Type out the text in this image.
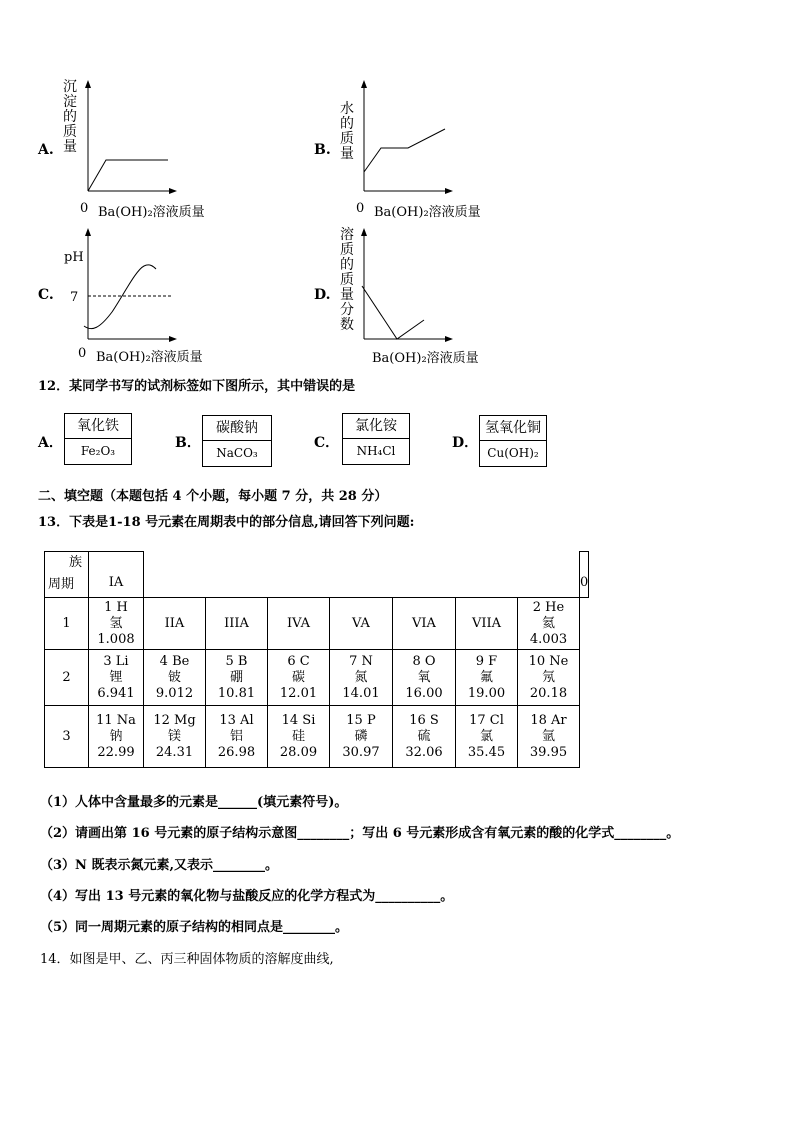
A.
沉
淀
的
质
量
0 Ba(OH)₂溶液质量
B.
水
的
质
量
0 Ba(OH)₂溶液质量
C.
pH
7
0 Ba(OH)₂溶液质量
D.
溶
质
的
质
量
分
数
Ba(OH)₂溶液质量
12．某同学书写的试剂标签如下图所示，其中错误的是
A．
氧化铁
Fe₂O₃	B．
碳酸钠
NaCO₃
C．
氯化铵
NH₄Cl	D．
氢氧化铜
Cu(OH)₂
二、填空题（本题包括 4 个小题，每小题 7 分，共 28 分）
13．下表是1-18 号元素在周期表中的部分信息,请回答下列问题:
族
周期	IA								0
1	1 H
氢
1.008	IIA	IIIA	IVA	VA	VIA	VIIA	2 He
氦
4.003	
2	3 Li
锂
6.941	4 Be
铍
9.012	5 B
硼
10.81	6 C
碳
12.01	7 N
氮
14.01	8 O
氧
16.00	9 F
氟
19.00	10 Ne
氖
20.18	
3	11 Na
钠
22.99	12 Mg
镁
24.31	13 Al
铝
26.98	14 Si
硅
28.09	15 P
磷
30.97	16 S
硫
32.06	17 Cl
氯
35.45	18 Ar
氩
39.95	
（1）人体中含量最多的元素是______(填元素符号)。
（2）请画出第 16 号元素的原子结构示意图________；写出 6 号元素形成含有氧元素的酸的化学式________。
（3）N 既表示氮元素,又表示________。
（4）写出 13 号元素的氧化物与盐酸反应的化学方程式为__________。
（5）同一周期元素的原子结构的相同点是________。
14．如图是甲、乙、丙三种固体物质的溶解度曲线,
